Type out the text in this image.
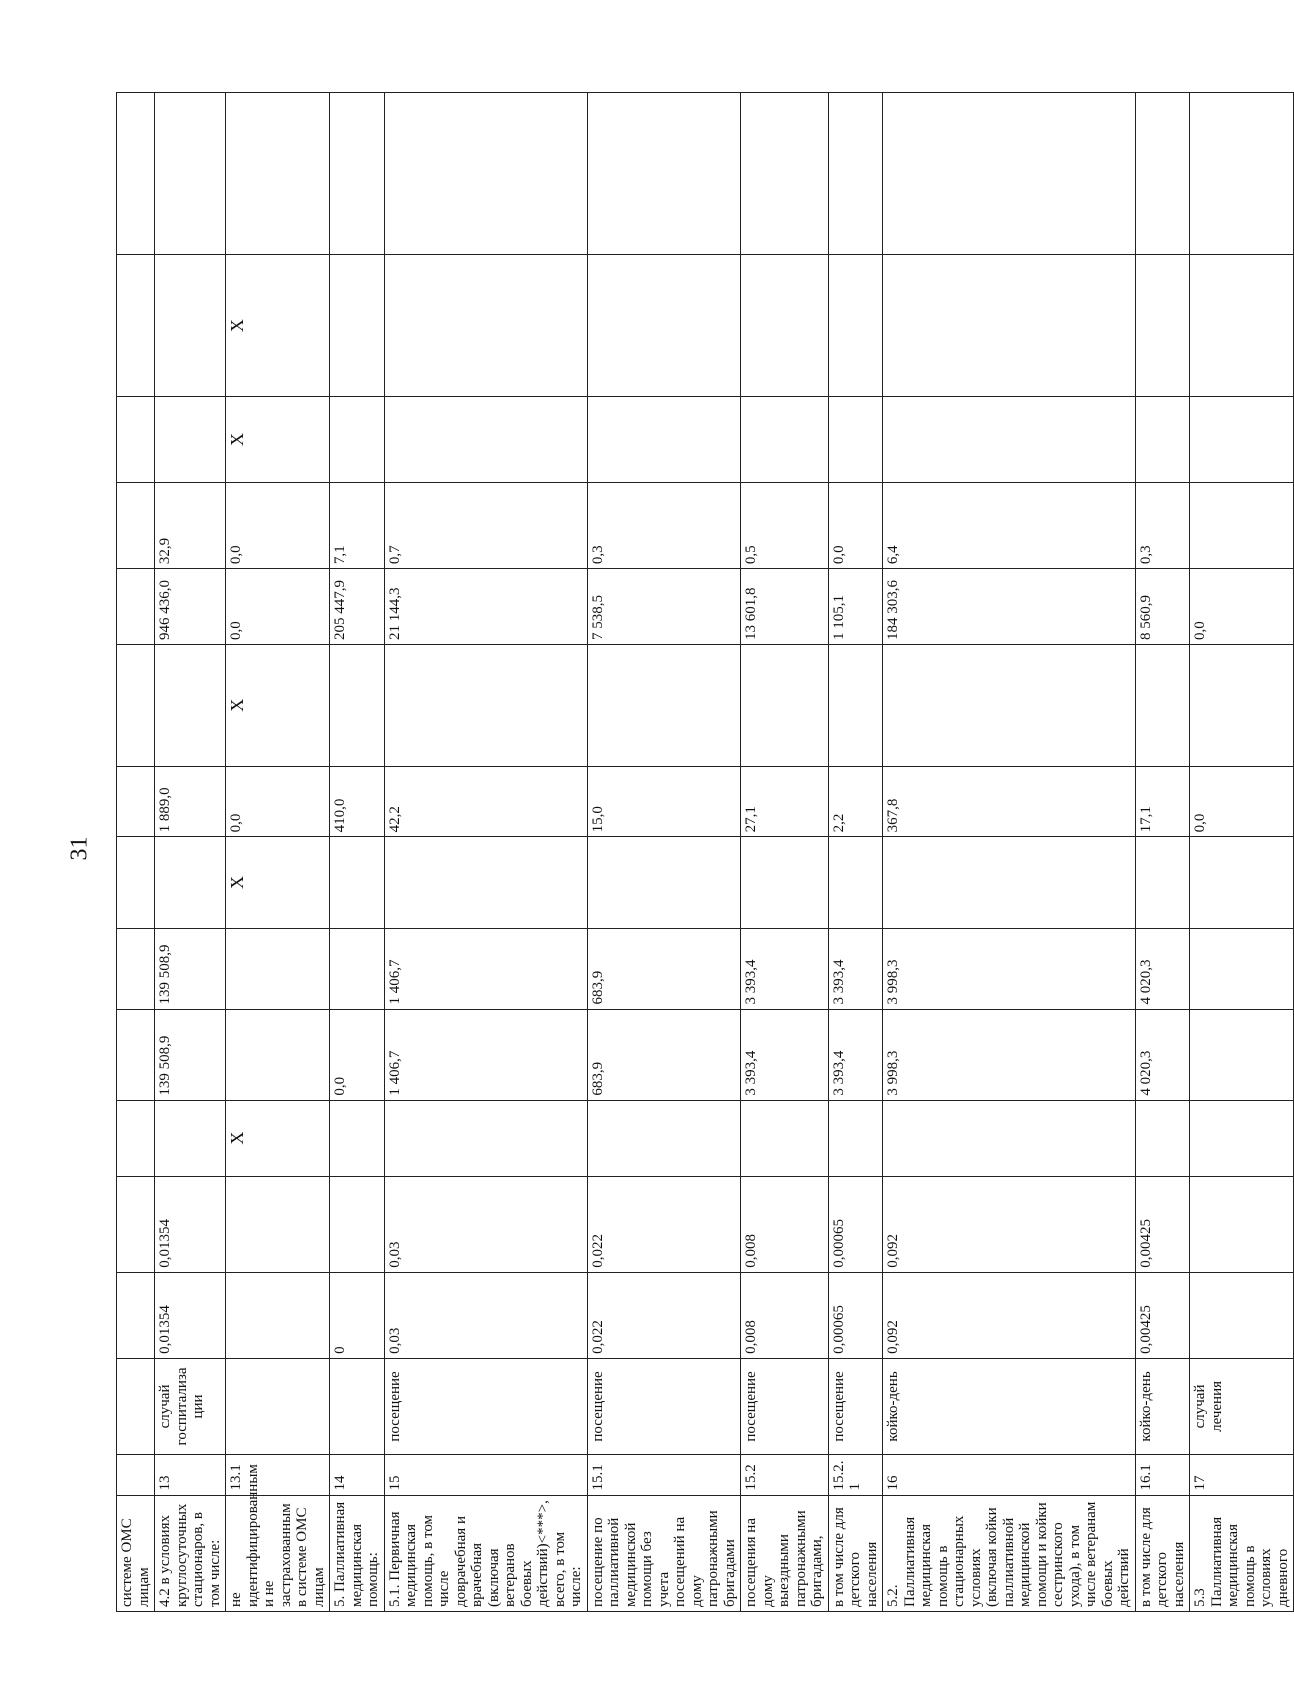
31
системе ОМС лицам															
4.2 в условиях круглосуточных стационаров, в том числе:	13	случай госпитализа ции	0,01354	0,01354		139 508,9	139 508,9		1 889,0		946 436,0	32,9			
не идентифицированным и не застрахованным в системе ОМС лицам	13.1				X			X	0,0	X	0,0	0,0	X	X	
5. Паллиативная медицинская помощь:	14		0			0,0			410,0		205 447,9	7,1			
5.1. Первичная медицинская помощь, в том числе доврачебная и врачебная (включая ветеранов боевых действий)<***>, всего, в том числе:	15	посещение	0,03	0,03		1 406,7	1 406,7		42,2		21 144,3	0,7			
посещение по паллиативной медицинской помощи без учета посещений на дому патронажными бригадами	15.1	посещение	0,022	0,022		683,9	683,9		15,0		7 538,5	0,3			
посещения на дому выездными патронажными бригадами,	15.2	посещение	0,008	0,008		3 393,4	3 393,4		27,1		13 601,8	0,5			
в том числе для детского населения	15.2. 1	посещение	0,00065	0,00065		3 393,4	3 393,4		2,2		1 105,1	0,0			
5.2. Паллиативная медицинская помощь в стационарных условиях (включая койки паллиативной медицинской помощи и койки сестринского ухода), в том числе ветеранам боевых действий	16	койко-день	0,092	0,092		3 998,3	3 998,3		367,8		184 303,6	6,4			
в том числе для детского населения	16.1	койко-день	0,00425	0,00425		4 020,3	4 020,3		17,1		8 560,9	0,3			
5.3 Паллиативная медицинская помощь в условиях дневного	17	случай лечения							0,0		0,0				
